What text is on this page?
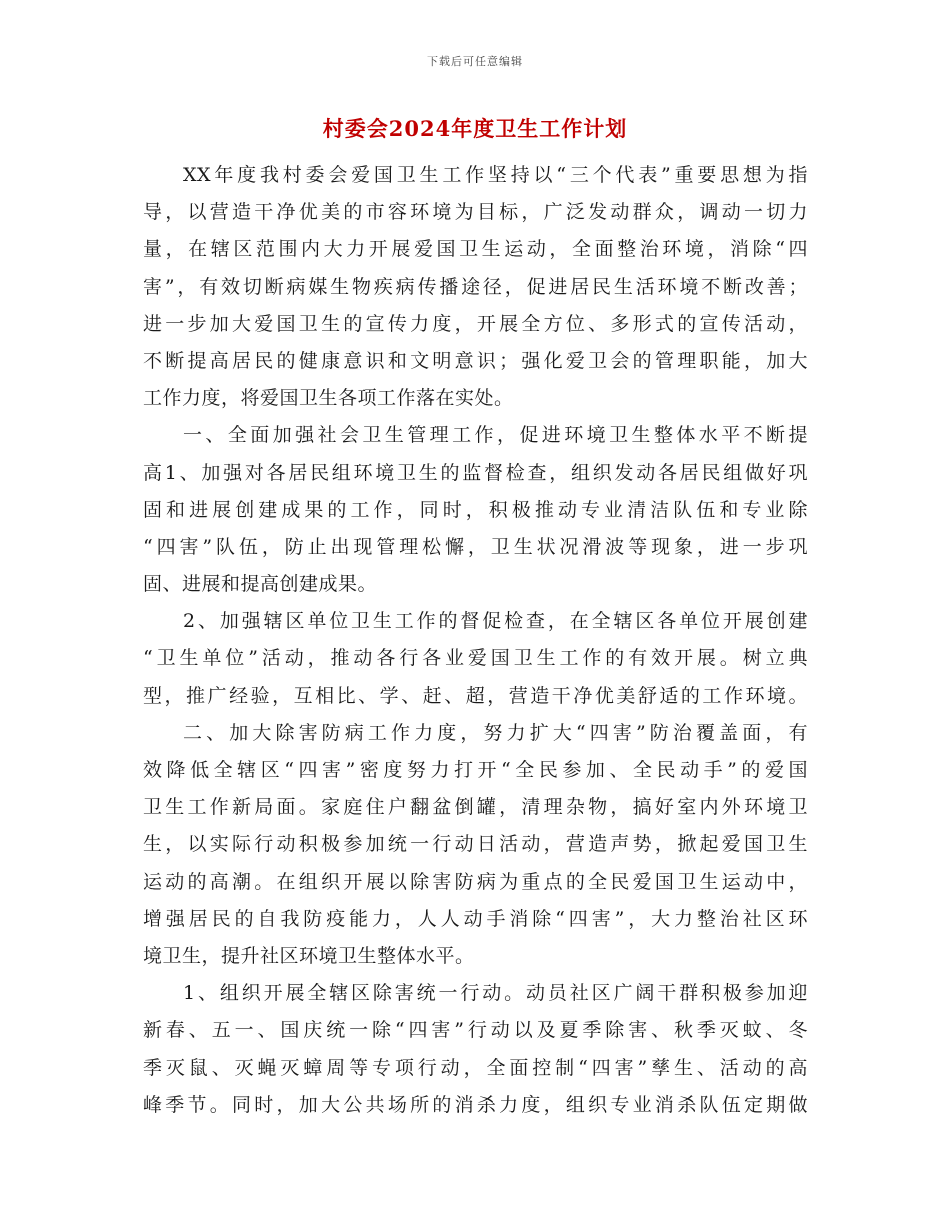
下载后可任意编辑
村委会2024年度卫生工作计划
XX年度我村委会爱国卫生工作坚持以“三个代表”重要思想为指
导，以营造干净优美的市容环境为目标，广泛发动群众，调动一切力
量，在辖区范围内大力开展爱国卫生运动，全面整治环境，消除“四
害”，有效切断病媒生物疾病传播途径，促进居民生活环境不断改善；
进一步加大爱国卫生的宣传力度，开展全方位、多形式的宣传活动，
不断提高居民的健康意识和文明意识；强化爱卫会的管理职能，加大
工作力度，将爱国卫生各项工作落在实处。
一、全面加强社会卫生管理工作，促进环境卫生整体水平不断提
高1、加强对各居民组环境卫生的监督检查，组织发动各居民组做好巩
固和进展创建成果的工作，同时，积极推动专业清洁队伍和专业除
“四害”队伍，防止出现管理松懈，卫生状况滑波等现象，进一步巩
固、进展和提高创建成果。
2、加强辖区单位卫生工作的督促检查，在全辖区各单位开展创建
“卫生单位”活动，推动各行各业爱国卫生工作的有效开展。树立典
型，推广经验，互相比、学、赶、超，营造干净优美舒适的工作环境。
二、加大除害防病工作力度，努力扩大“四害”防治覆盖面，有
效降低全辖区“四害”密度努力打开“全民参加、全民动手”的爱国
卫生工作新局面。家庭住户翻盆倒罐，清理杂物，搞好室内外环境卫
生，以实际行动积极参加统一行动日活动，营造声势，掀起爱国卫生
运动的高潮。在组织开展以除害防病为重点的全民爱国卫生运动中，
增强居民的自我防疫能力，人人动手消除“四害”，大力整治社区环
境卫生，提升社区环境卫生整体水平。
1、组织开展全辖区除害统一行动。动员社区广阔干群积极参加迎
新春、五一、国庆统一除“四害”行动以及夏季除害、秋季灭蚊、冬
季灭鼠、灭蝇灭蟑周等专项行动，全面控制“四害”孳生、活动的高
峰季节。同时，加大公共场所的消杀力度，组织专业消杀队伍定期做
